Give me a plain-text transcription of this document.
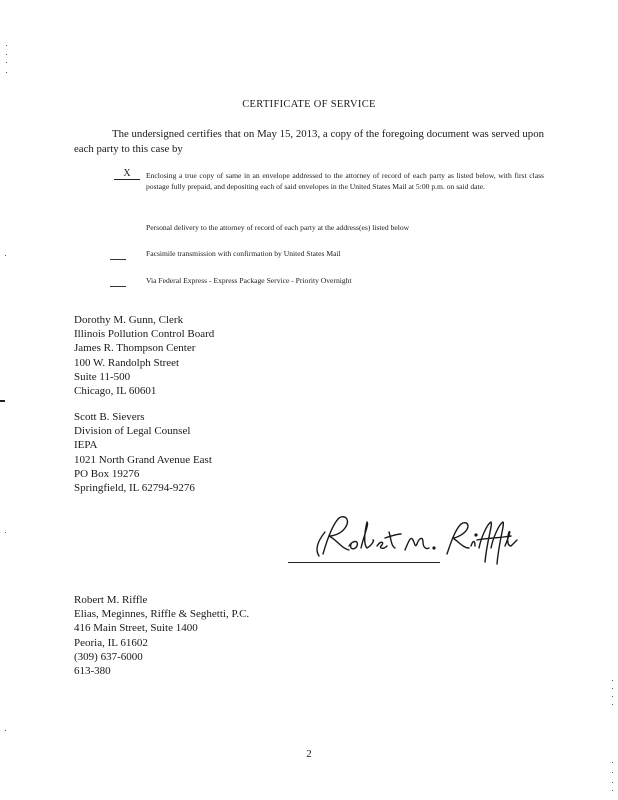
CERTIFICATE OF SERVICE
The undersigned certifies that on May 15, 2013, a copy of the foregoing document was served upon each party to this case by
X	Enclosing a true copy of same in an envelope addressed to the attorney of record of each party as listed below, with first class postage fully prepaid, and depositing each of said envelopes in the United States Mail at 5:00 p.m. on said date.
Personal delivery to the attorney of record of each party at the address(es) listed below
Facsimile transmission with confirmation by United States Mail
Via Federal Express - Express Package Service - Priority Overnight
Dorothy M. Gunn, Clerk
Illinois Pollution Control Board
James R. Thompson Center
100 W. Randolph Street
Suite 11-500
Chicago, IL 60601
Scott B. Sievers
Division of Legal Counsel
IEPA
1021 North Grand Avenue East
PO Box 19276
Springfield, IL 62794-9276
Robert M. Riffle
Elias, Meginnes, Riffle & Seghetti, P.C.
416 Main Street, Suite 1400
Peoria, IL 61602
(309) 637-6000
613-380
2
